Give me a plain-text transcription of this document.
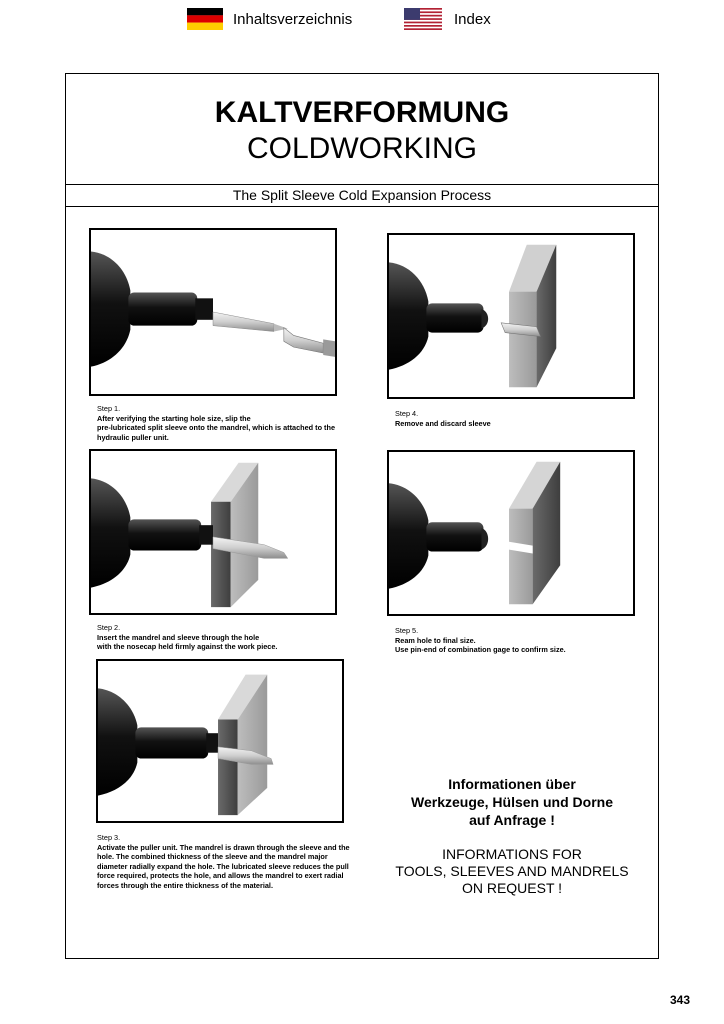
Inhaltsverzeichnis	Index
KALTVERFORMUNG
COLDWORKING
The Split Sleeve Cold Expansion Process
Step 1.
After verifying the starting hole size, slip the
pre-lubricated split sleeve onto the mandrel, which is attached to the
hydraulic puller unit.
Step 2.
Insert the mandrel and sleeve through the hole
with the nosecap held firmly against the work piece.
Step 3.
Activate the puller unit. The mandrel is drawn through the sleeve and the
hole. The combined thickness of the sleeve and the mandrel major
diameter radially expand the hole. The lubricated sleeve reduces the pull
force required, protects the hole, and allows the mandrel to exert radial
forces through the entire thickness of the material.
Step 4.
Remove and discard sleeve
Step 5.
Ream hole to final size.
Use pin-end of combination gage to confirm size.
Informationen über
Werkzeuge, Hülsen und Dorne
auf Anfrage !
INFORMATIONS FOR
TOOLS, SLEEVES AND MANDRELS
ON REQUEST !
343
